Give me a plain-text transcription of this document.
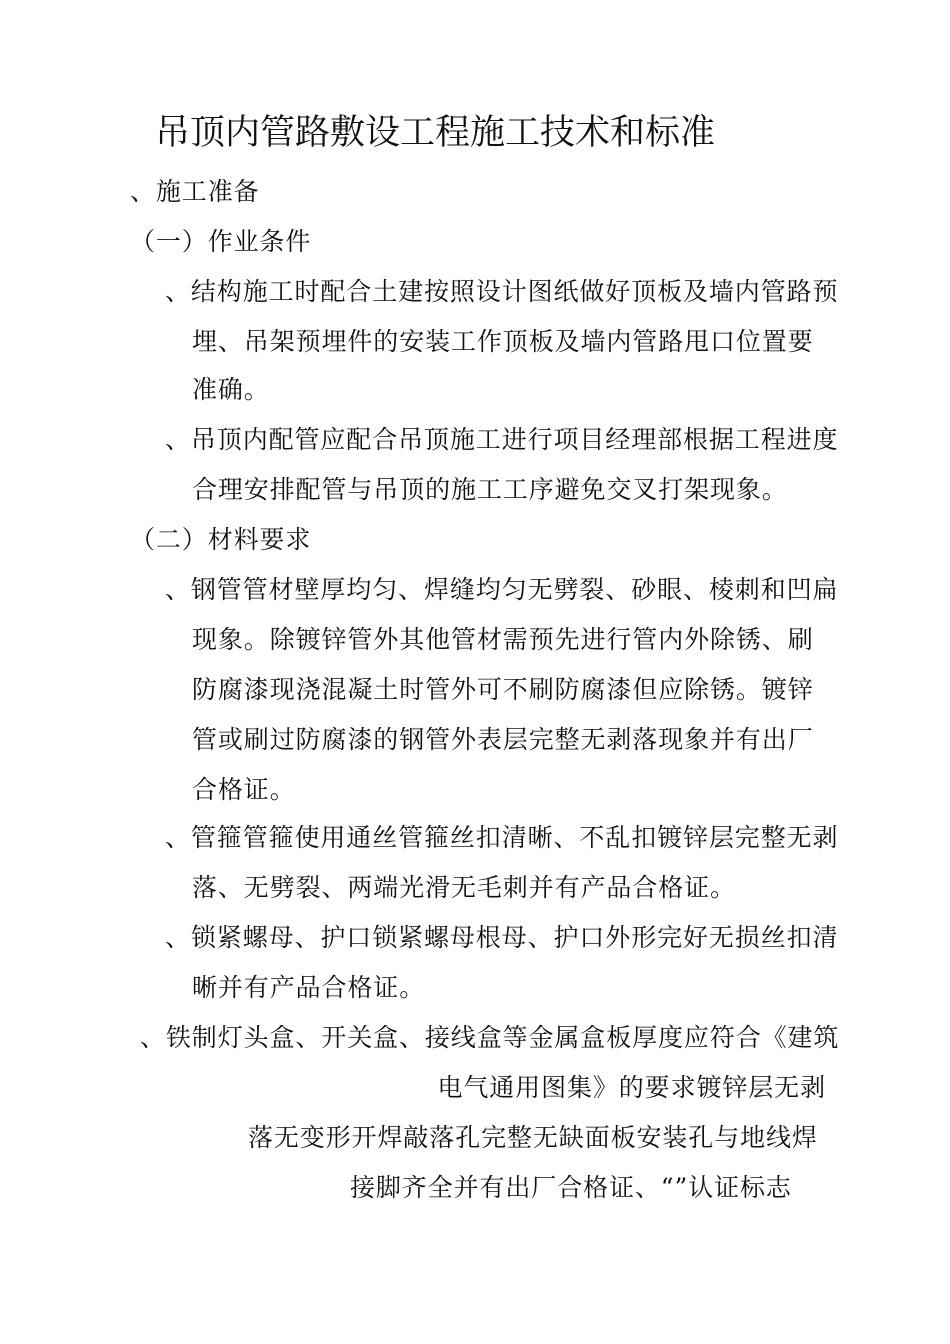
吊顶内管路敷设工程施工技术和标准
、施工准备
（一）作业条件
、结构施工时配合土建按照设计图纸做好顶板及墙内管路预
埋、吊架预埋件的安装工作顶板及墙内管路甩口位置要
准确。
、吊顶内配管应配合吊顶施工进行项目经理部根据工程进度
合理安排配管与吊顶的施工工序避免交叉打架现象。
（二）材料要求
、钢管管材壁厚均匀、焊缝均匀无劈裂、砂眼、棱刺和凹扁
现象。除镀锌管外其他管材需预先进行管内外除锈、刷
防腐漆现浇混凝土时管外可不刷防腐漆但应除锈。镀锌
管或刷过防腐漆的钢管外表层完整无剥落现象并有出厂
合格证。
、管箍管箍使用通丝管箍丝扣清晰、不乱扣镀锌层完整无剥
落、无劈裂、两端光滑无毛刺并有产品合格证。
、锁紧螺母、护口锁紧螺母根母、护口外形完好无损丝扣清
晰并有产品合格证。
、铁制灯头盒、开关盒、接线盒等金属盒板厚度应符合《建筑
电气通用图集》的要求镀锌层无剥
落无变形开焊敲落孔完整无缺面板安装孔与地线焊
接脚齐全并有出厂合格证、“”认证标志
